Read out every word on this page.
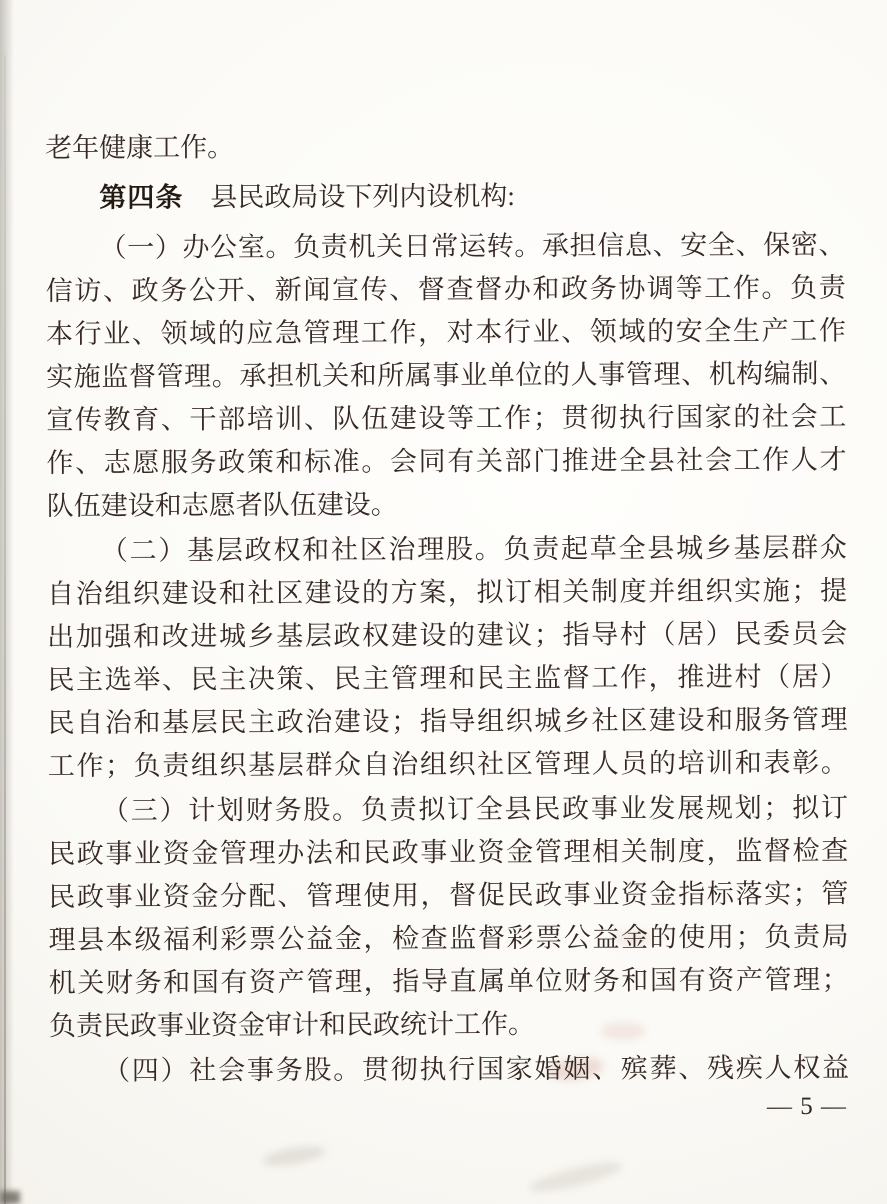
老年健康工作。
第四条　县民政局设下列内设机构:
（一）办公室。负责机关日常运转。承担信息、安全、保密、
信访、政务公开、新闻宣传、督查督办和政务协调等工作。负责
本行业、领域的应急管理工作，对本行业、领域的安全生产工作
实施监督管理。承担机关和所属事业单位的人事管理、机构编制、
宣传教育、干部培训、队伍建设等工作；贯彻执行国家的社会工
作、志愿服务政策和标准。会同有关部门推进全县社会工作人才
队伍建设和志愿者队伍建设。
（二）基层政权和社区治理股。负责起草全县城乡基层群众
自治组织建设和社区建设的方案，拟订相关制度并组织实施；提
出加强和改进城乡基层政权建设的建议；指导村（居）民委员会
民主选举、民主决策、民主管理和民主监督工作，推进村（居）
民自治和基层民主政治建设；指导组织城乡社区建设和服务管理
工作；负责组织基层群众自治组织社区管理人员的培训和表彰。
（三）计划财务股。负责拟订全县民政事业发展规划；拟订
民政事业资金管理办法和民政事业资金管理相关制度，监督检查
民政事业资金分配、管理使用，督促民政事业资金指标落实；管
理县本级福利彩票公益金，检查监督彩票公益金的使用；负责局
机关财务和国有资产管理，指导直属单位财务和国有资产管理；
负责民政事业资金审计和民政统计工作。
（四）社会事务股。贯彻执行国家婚姻、殡葬、残疾人权益
— 5 —
